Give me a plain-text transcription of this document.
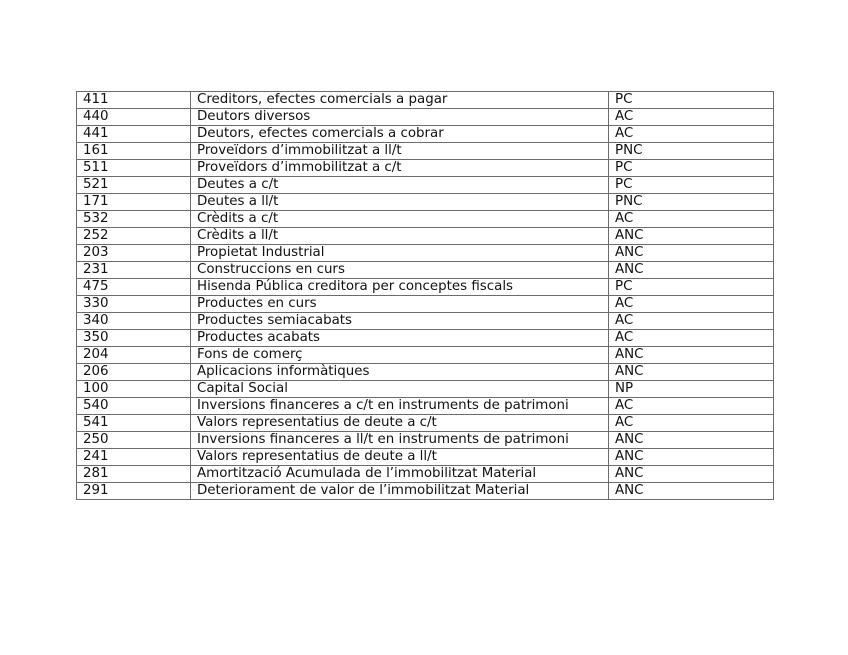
411	Creditors, efectes comercials a pagar	PC
440	Deutors diversos	AC
441	Deutors, efectes comercials a cobrar	AC
161	Proveïdors d’immobilitzat a ll/t	PNC
511	Proveïdors d’immobilitzat a c/t	PC
521	Deutes a c/t	PC
171	Deutes a ll/t	PNC
532	Crèdits a c/t	AC
252	Crèdits a ll/t	ANC
203	Propietat Industrial	ANC
231	Construccions en curs	ANC
475	Hisenda Pública creditora per conceptes fiscals	PC
330	Productes en curs	AC
340	Productes semiacabats	AC
350	Productes acabats	AC
204	Fons de comerç	ANC
206	Aplicacions informàtiques	ANC
100	Capital Social	NP
540	Inversions financeres a c/t en instruments de patrimoni	AC
541	Valors representatius de deute a c/t	AC
250	Inversions financeres a ll/t en instruments de patrimoni	ANC
241	Valors representatius de deute a ll/t	ANC
281	Amortització Acumulada de l’immobilitzat Material	ANC
291	Deteriorament de valor de l’immobilitzat Material	ANC
